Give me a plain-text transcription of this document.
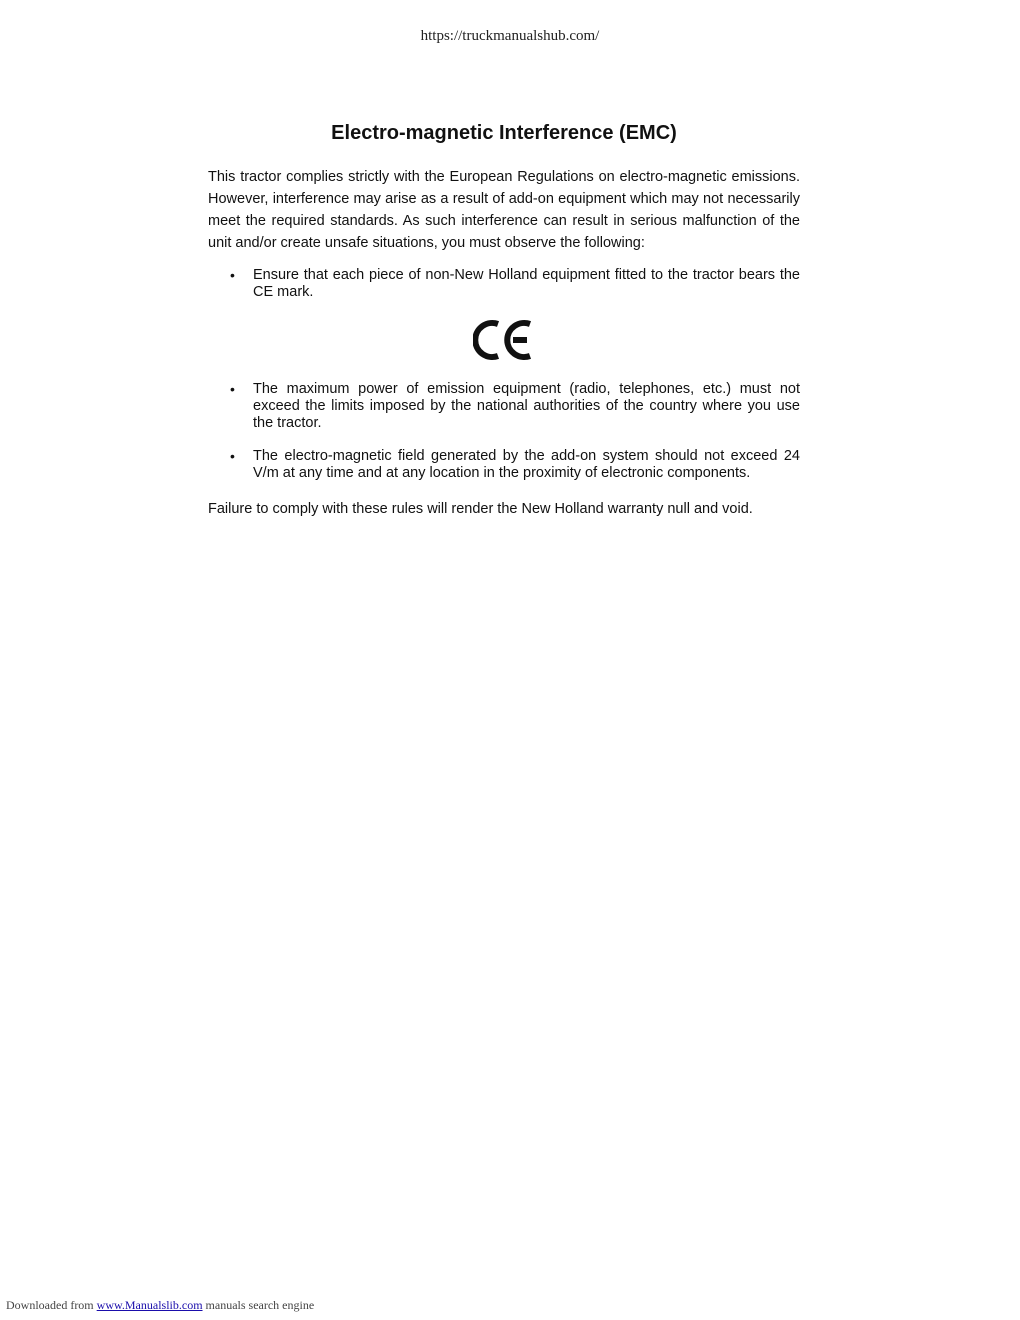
https://truckmanualshub.com/
Electro-magnetic Interference (EMC)

This tractor complies strictly with the European Regulations on electro-magnetic emissions. However, interference may arise as a result of add-on equipment which may not necessarily meet the required standards. As such interference can result in serious malfunction of the unit and/or create unsafe situations, you must observe the following:

• Ensure that each piece of non-New Holland equipment fitted to the tractor bears the CE mark.
• The maximum power of emission equipment (radio, telephones, etc.) must not exceed the limits imposed by the national authorities of the country where you use the tractor.
• The electro-magnetic field generated by the add-on system should not exceed 24 V/m at any time and at any location in the proximity of electronic components.

Failure to comply with these rules will render the New Holland warranty null and void.

Downloaded from www.Manualslib.com manuals search engine
